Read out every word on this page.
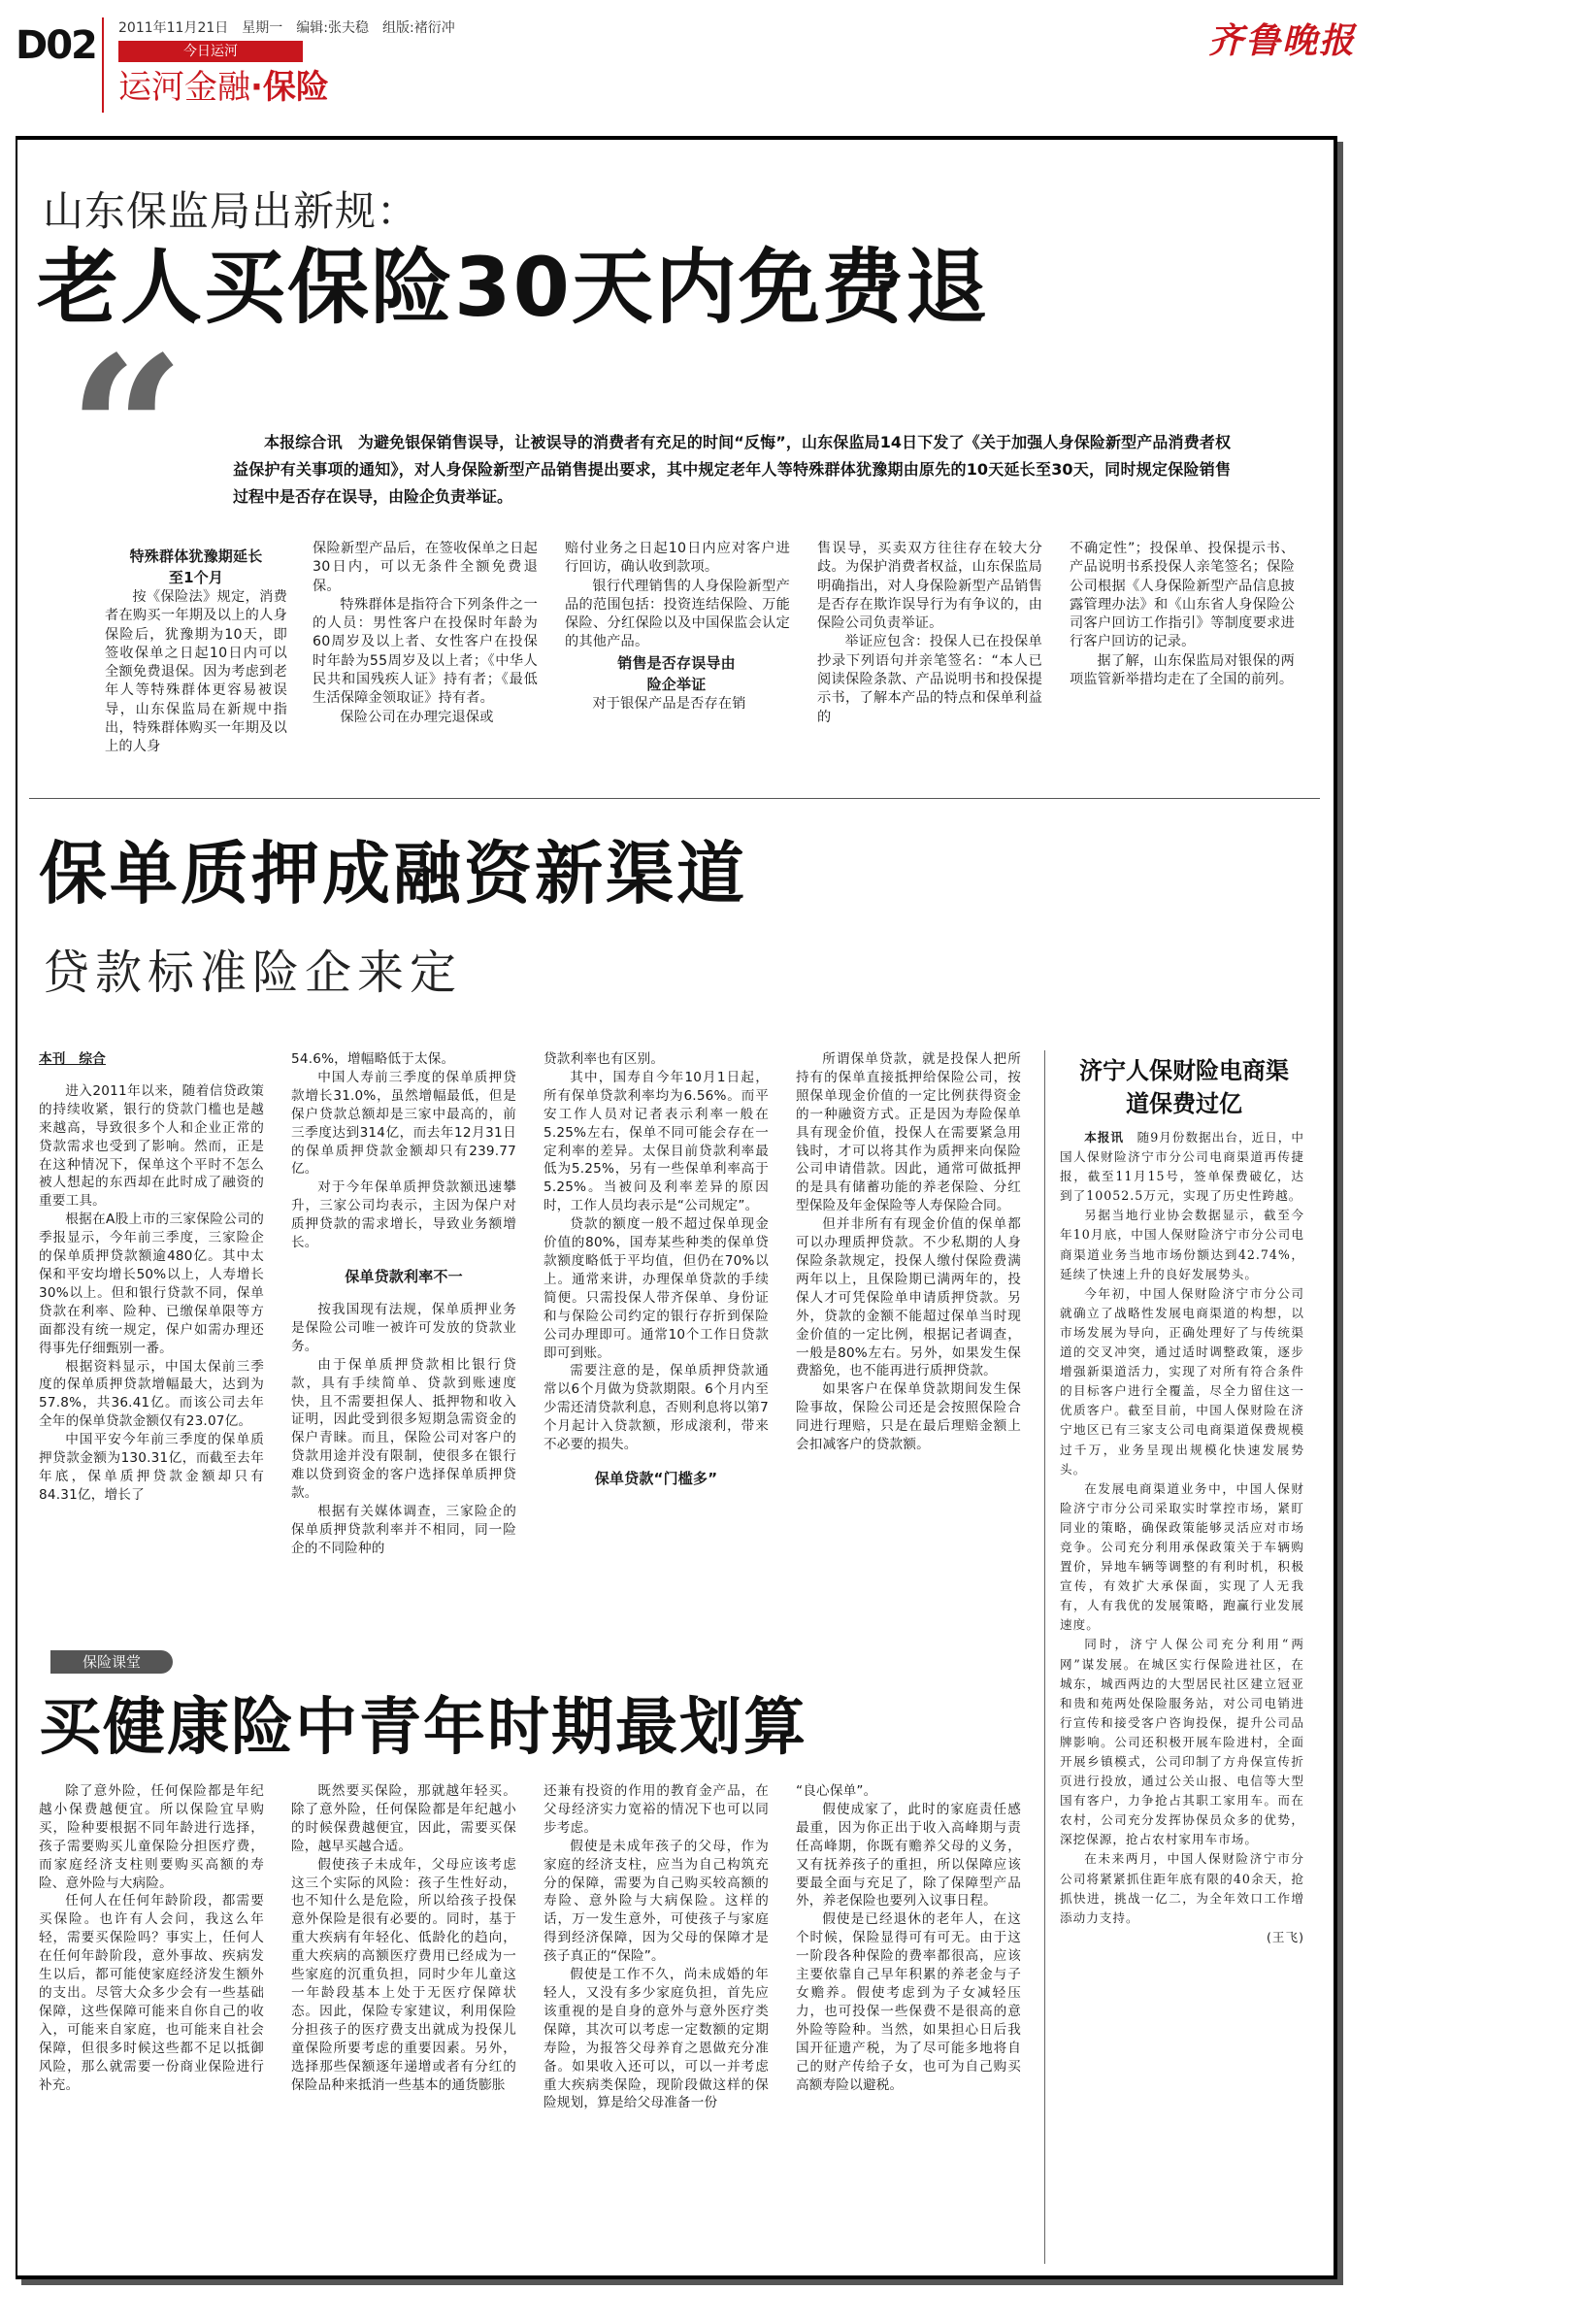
D02 2011年11月21日　星期一　编辑:张夫稳　组版:褚衍冲
今日运河
运河金融·保险
齐鲁晚报
山东保监局出新规：
老人买保险30天内免费退
“	本报综合讯　为避免银保销售误导，让被误导的消费者有充足的时间“反悔”，山东保监局14日下发了《关于加强人身保险新型产品消费者权益保护有关事项的通知》，对人身保险新型产品销售提出要求，其中规定老年人等特殊群体犹豫期由原先的10天延长至30天，同时规定保险销售过程中是否存在误导，由险企负责举证。

特殊群体犹豫期延长至1个月

按《保险法》规定，消费者在购买一年期及以上的人身保险后，犹豫期为10天，即签收保单之日起10日内可以全额免费退保。因为考虑到老年人等特殊群体更容易被误导，山东保监局在新规中指出，特殊群体购买一年期及以上的人身

保险新型产品后，在签收保单之日起30日内，可以无条件全额免费退保。

特殊群体是指符合下列条件之一的人员：男性客户在投保时年龄为60周岁及以上者、女性客户在投保时年龄为55周岁及以上者；《中华人民共和国残疾人证》持有者；《最低生活保障金领取证》持有者。

保险公司在办理完退保或

赔付业务之日起10日内应对客户进行回访，确认收到款项。

银行代理销售的人身保险新型产品的范围包括：投资连结保险、万能保险、分红保险以及中国保监会认定的其他产品。

销售是否存误导由险企举证

对于银保产品是否存在销

售误导，买卖双方往往存在较大分歧。为保护消费者权益，山东保监局明确指出，对人身保险新型产品销售是否存在欺诈误导行为有争议的，由保险公司负责举证。

举证应包含：投保人已在投保单抄录下列语句并亲笔签名：“本人已阅读保险条款、产品说明书和投保提示书，了解本产品的特点和保单利益的

不确定性”；投保单、投保提示书、产品说明书系投保人亲笔签名；保险公司根据《人身保险新型产品信息披露管理办法》和《山东省人身保险公司客户回访工作指引》等制度要求进行客户回访的记录。

据了解，山东保监局对银保的两项监管新举措均走在了全国的前列。

保单质押成融资新渠道
贷款标准险企来定
本刊　综合

进入2011年以来，随着信贷政策的持续收紧，银行的贷款门槛也是越来越高，导致很多个人和企业正常的贷款需求也受到了影响。然而，正是在这种情况下，保单这个平时不怎么被人想起的东西却在此时成了融资的重要工具。

根据在A股上市的三家保险公司的季报显示，今年前三季度，三家险企的保单质押贷款额逾480亿。其中太保和平安均增长50%以上，人寿增长30%以上。但和银行贷款不同，保单贷款在利率、险种、已缴保单限等方面都没有统一规定，保户如需办理还得事先仔细甄别一番。

根据资料显示，中国太保前三季度的保单质押贷款增幅最大，达到为57.8%，共36.41亿。而该公司去年全年的保单贷款金额仅有23.07亿。

中国平安今年前三季度的保单质押贷款金额为130.31亿，而截至去年年底，保单质押贷款金额却只有84.31亿，增长了

54.6%，增幅略低于太保。

中国人寿前三季度的保单质押贷款增长31.0%，虽然增幅最低，但是保户贷款总额却是三家中最高的，前三季度达到314亿，而去年12月31日的保单质押贷款金额却只有239.77亿。

对于今年保单质押贷款额迅速攀升，三家公司均表示，主因为保户对质押贷款的需求增长，导致业务额增长。

保单贷款利率不一

按我国现有法规，保单质押业务是保险公司唯一被许可发放的贷款业务。

由于保单质押贷款相比银行贷款，具有手续简单、贷款到账速度快，且不需要担保人、抵押物和收入证明，因此受到很多短期急需资金的保户青睐。而且，保险公司对客户的贷款用途并没有限制，使很多在银行难以贷到资金的客户选择保单质押贷款。

根据有关媒体调查，三家险企的保单质押贷款利率并不相同，同一险企的不同险种的

贷款利率也有区别。

其中，国寿自今年10月1日起，所有保单贷款利率均为6.56%。而平安工作人员对记者表示利率一般在5.25%左右，保单不同可能会存在一定利率的差异。太保目前贷款利率最低为5.25%，另有一些保单利率高于5.25%。当被问及利率差异的原因时，工作人员均表示是“公司规定”。

贷款的额度一般不超过保单现金价值的80%，国寿某些种类的保单贷款额度略低于平均值，但仍在70%以上。通常来讲，办理保单贷款的手续简便。只需投保人带齐保单、身份证和与保险公司约定的银行存折到保险公司办理即可。通常10个工作日贷款即可到账。

需要注意的是，保单质押贷款通常以6个月做为贷款期限。6个月内至少需还清贷款利息，否则利息将以第7个月起计入贷款额，形成滚利，带来不必要的损失。

保单贷款“门槛多”

所谓保单贷款，就是投保人把所持有的保单直接抵押给保险公司，按照保单现金价值的一定比例获得资金的一种融资方式。正是因为寿险保单具有现金价值，投保人在需要紧急用钱时，才可以将其作为质押来向保险公司申请借款。因此，通常可做抵押的是具有储蓄功能的养老保险、分红型保险及年金保险等人寿保险合同。

但并非所有有现金价值的保单都可以办理质押贷款。不少私期的人身保险条款规定，投保人缴付保险费满两年以上，且保险期已满两年的，投保人才可凭保险单申请质押贷款。另外，贷款的金额不能超过保单当时现金价值的一定比例，根据记者调查，一般是80%左右。另外，如果发生保费豁免，也不能再进行质押贷款。

如果客户在保单贷款期间发生保险事故，保险公司还是会按照保险合同进行理赔，只是在最后理赔金额上会扣减客户的贷款额。

保险课堂
买健康险中青年时期最划算

除了意外险，任何保险都是年纪越小保费越便宜。所以保险宜早购买，险种要根据不同年龄进行选择，孩子需要购买儿童保险分担医疗费，而家庭经济支柱则要购买高额的寿险、意外险与大病险。

任何人在任何年龄阶段，都需要买保险。也许有人会问，我这么年轻，需要买保险吗？事实上，任何人在任何年龄阶段，意外事故、疾病发生以后，都可能使家庭经济发生额外的支出。尽管大众多少会有一些基础保障，这些保障可能来自你自己的收入，可能来自家庭，也可能来自社会保障，但很多时候这些都不足以抵御风险，那么就需要一份商业保险进行补充。

既然要买保险，那就越年轻买。除了意外险，任何保险都是年纪越小的时候保费越便宜，因此，需要买保险，越早买越合适。

假使孩子未成年，父母应该考虑这三个实际的风险：孩子生性好动，也不知什么是危险，所以给孩子投保意外保险是很有必要的。同时，基于重大疾病有年轻化、低龄化的趋向，重大疾病的高额医疗费用已经成为一些家庭的沉重负担，同时少年儿童这一年龄段基本上处于无医疗保障状态。因此，保险专家建议，利用保险分担孩子的医疗费支出就成为投保儿童保险所要考虑的重要因素。另外，选择那些保额逐年递增或者有分红的保险品种来抵消一些基本的通货膨胀

还兼有投资的作用的教育金产品，在父母经济实力宽裕的情况下也可以同步考虑。

假使是未成年孩子的父母，作为家庭的经济支柱，应当为自己构筑充分的保障，需要为自己购买较高额的寿险、意外险与大病保险。这样的话，万一发生意外，可使孩子与家庭得到经济保障，因为父母的保障才是孩子真正的“保险”。

假使是工作不久，尚未成婚的年轻人，又没有多少家庭负担，首先应该重视的是自身的意外与意外医疗类保障，其次可以考虑一定数额的定期寿险，为报答父母养育之恩做充分准备。如果收入还可以，可以一并考虑重大疾病类保险，现阶段做这样的保险规划，算是给父母准备一份

“良心保单”。

假使成家了，此时的家庭责任感最重，因为你正出于收入高峰期与责任高峰期，你既有赡养父母的义务，又有抚养孩子的重担，所以保障应该要最全面与充足了，除了保障型产品外，养老保险也要列入议事日程。

假使是已经退休的老年人，在这个时候，保险显得可有可无。由于这一阶段各种保险的费率都很高，应该主要依靠自己早年积累的养老金与子女赡养。假使考虑到为子女减轻压力，也可投保一些保费不是很高的意外险等险种。当然，如果担心日后我国开征遗产税，为了尽可能多地将自己的财产传给子女，也可为自己购买高额寿险以避税。

济宁人保财险电商渠道保费过亿

本报讯　 随9月份数据出台，近日，中国人保财险济宁市分公司电商渠道再传捷报，截至11月15号，签单保费破亿，达到了10052.5万元，实现了历史性跨越。

另据当地行业协会数据显示，截至今年10月底，中国人保财险济宁市分公司电商渠道业务当地市场份额达到42.74%，延续了快速上升的良好发展势头。

今年初，中国人保财险济宁市分公司就确立了战略性发展电商渠道的构想，以市场发展为导向，正确处理好了与传统渠道的交叉冲突，通过适时调整政策，逐步增强新渠道活力，实现了对所有符合条件的目标客户进行全覆盖，尽全力留住这一优质客户。截至目前，中国人保财险在济宁地区已有三家支公司电商渠道保费规模过千万，业务呈现出规模化快速发展势头。

在发展电商渠道业务中，中国人保财险济宁市分公司采取实时掌控市场，紧盯同业的策略，确保政策能够灵活应对市场竞争。公司充分利用承保政策关于车辆购置价，异地车辆等调整的有利时机，积极宣传，有效扩大承保面，实现了人无我有，人有我优的发展策略，跑赢行业发展速度。

同时，济宁人保公司充分利用“两网”谋发展。在城区实行保险进社区，在城东，城西两边的大型居民社区建立冠亚和贵和苑两处保险服务站，对公司电销进行宣传和接受客户咨询投保，提升公司品牌影响。公司还积极开展车险进村，全面开展乡镇模式，公司印制了方舟保宣传折页进行投放，通过公关山报、电信等大型国有客户，力争抢占其职工家用车。而在农村，公司充分发挥协保员众多的优势，深挖保源，抢占农村家用车市场。

在未来两月，中国人保财险济宁市分公司将紧紧抓住距年底有限的40余天，抢抓快进，挑战一亿二，为全年效口工作增添动力支持。

(王飞)
